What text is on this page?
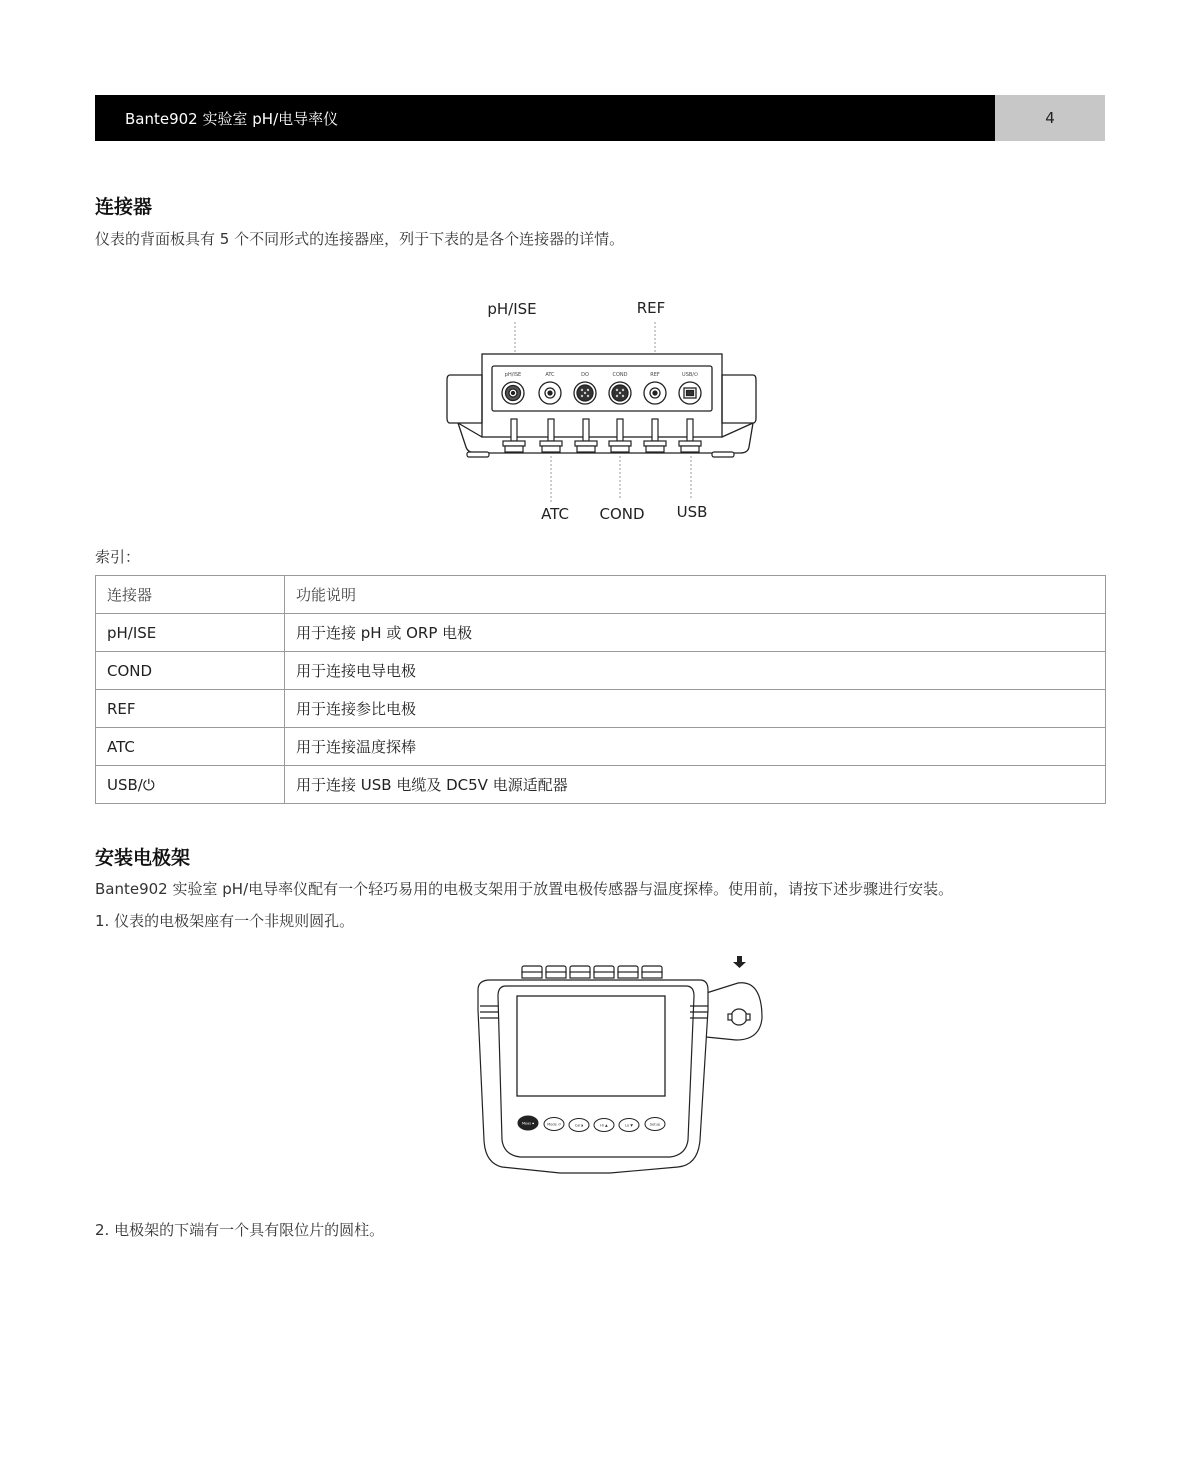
Bante902 实验室 pH/电导率仪	4
连接器
仪表的背面板具有 5 个不同形式的连接器座，列于下表的是各个连接器的详情。
pH/ISE	REF
ATC COND USB
pH/ISE	ATC	DO	COND	REF	USB/⏻
索引：
连接器	功能说明
pH/ISE	用于连接 pH 或 ORP 电极
COND	用于连接电导电极
REF	用于连接参比电极
ATC	用于连接温度探棒
USB/⏻	用于连接 USB 电缆及 DC5V 电源适配器
安装电极架
Bante902 实验室 pH/电导率仪配有一个轻巧易用的电极支架用于放置电极传感器与温度探棒。使用前，请按下述步骤进行安装。
1. 仪表的电极架座有一个非规则圆孔。
Meas ⏺	Mode ↺	Cal ◗	Hi ▲	Lo ▼	Setup
2. 电极架的下端有一个具有限位片的圆柱。
